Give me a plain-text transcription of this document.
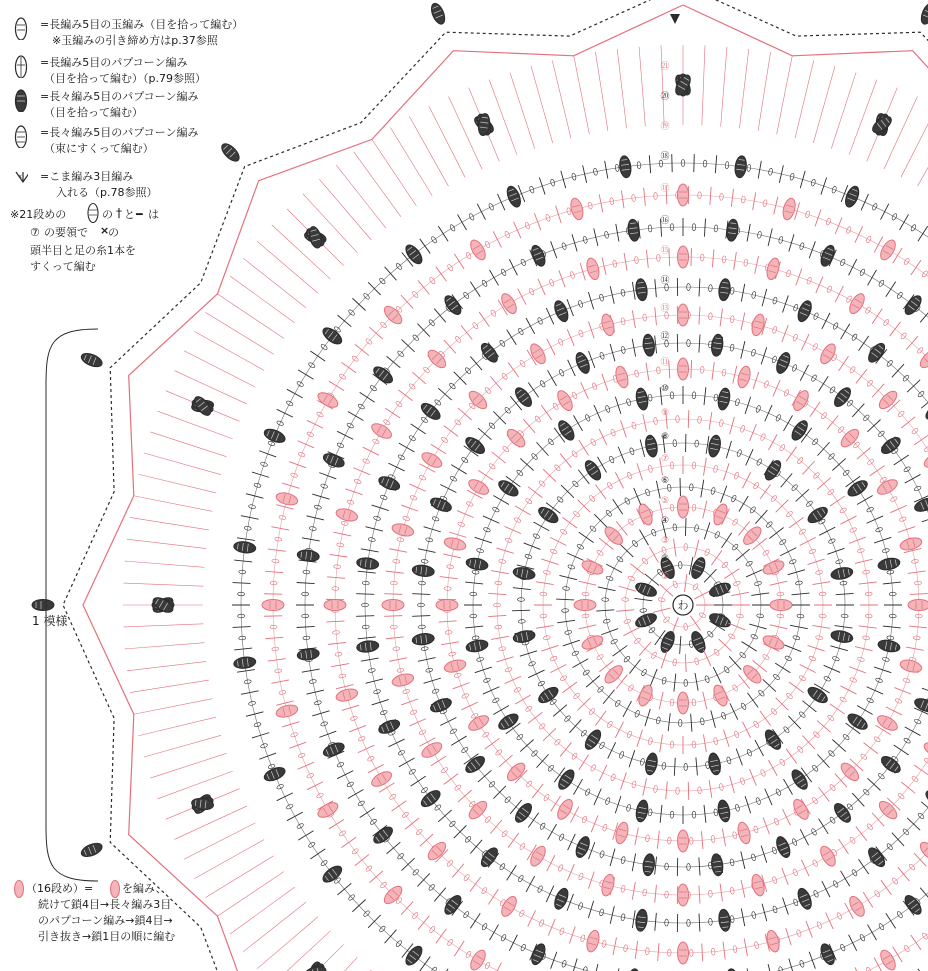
わ
①
②
③
④
⑤
⑥
⑦
⑧
⑨
⑩
⑪
⑫
⑬
⑭
⑮
⑯
⑰
⑱
⑲
⑳
㉑
=長編み5目の玉編み（目を拾って編む）
※玉編みの引き締め方はp.37参照
=長編み5目のパプコーン編み
（目を拾って編む）（p.79参照）
=長々編み5目のパプコーン編み
（目を拾って編む）
=長々編み5目のパプコーン編み
（束にすくって編む）
× =こま編み3目編み
入れる（p.78参照）
※21段めの	の † と ━ は
⑦ の要領で ×
の
頭半目と足の糸1本を
すくって編む
1 模様
（16段め）=	を編み、
続けて鎖4目→長々編み3目
のパプコーン編み→鎖4目→
引き抜き→鎖1目の順に編む
